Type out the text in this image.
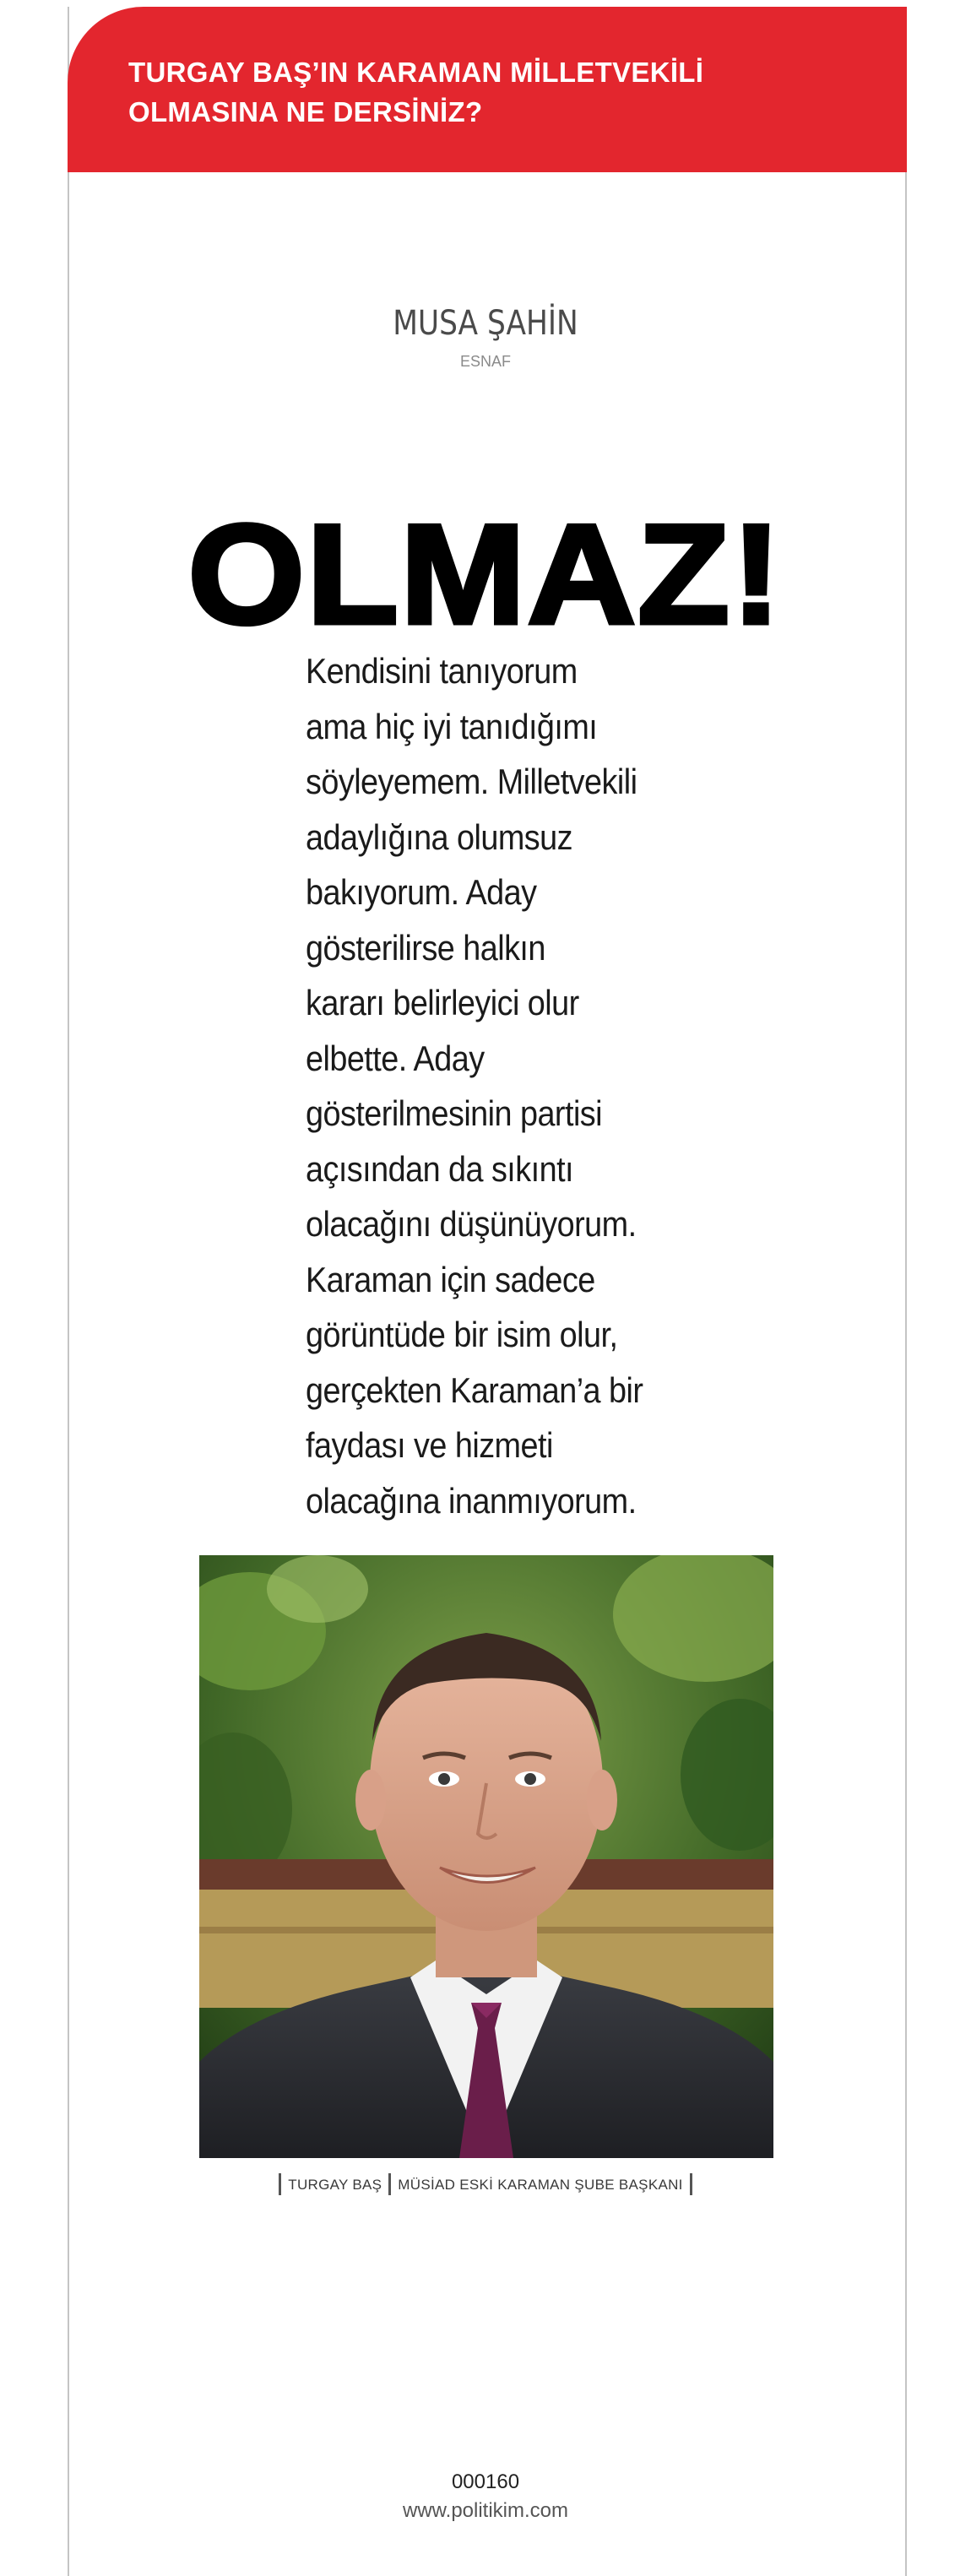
TURGAY BAŞ’IN KARAMAN MİLLETVEKİLİ
OLMASINA NE DERSİNİZ?
MUSA ŞAHİN
ESNAF
OLMAZ!

Kendisini tanıyorum
ama hiç iyi tanıdığımı
söyleyemem. Milletvekili
adaylığına olumsuz
bakıyorum. Aday
gösterilirse halkın
kararı belirleyici olur
elbette. Aday
gösterilmesinin partisi
açısından da sıkıntı
olacağını düşünüyorum.
Karaman için sadece
görüntüde bir isim olur,
gerçekten Karaman’a bir
faydası ve hizmeti
olacağına inanmıyorum.

TURGAY BAŞ MÜSİAD ESKİ KARAMAN ŞUBE BAŞKANI
000160
www.politikim.com
